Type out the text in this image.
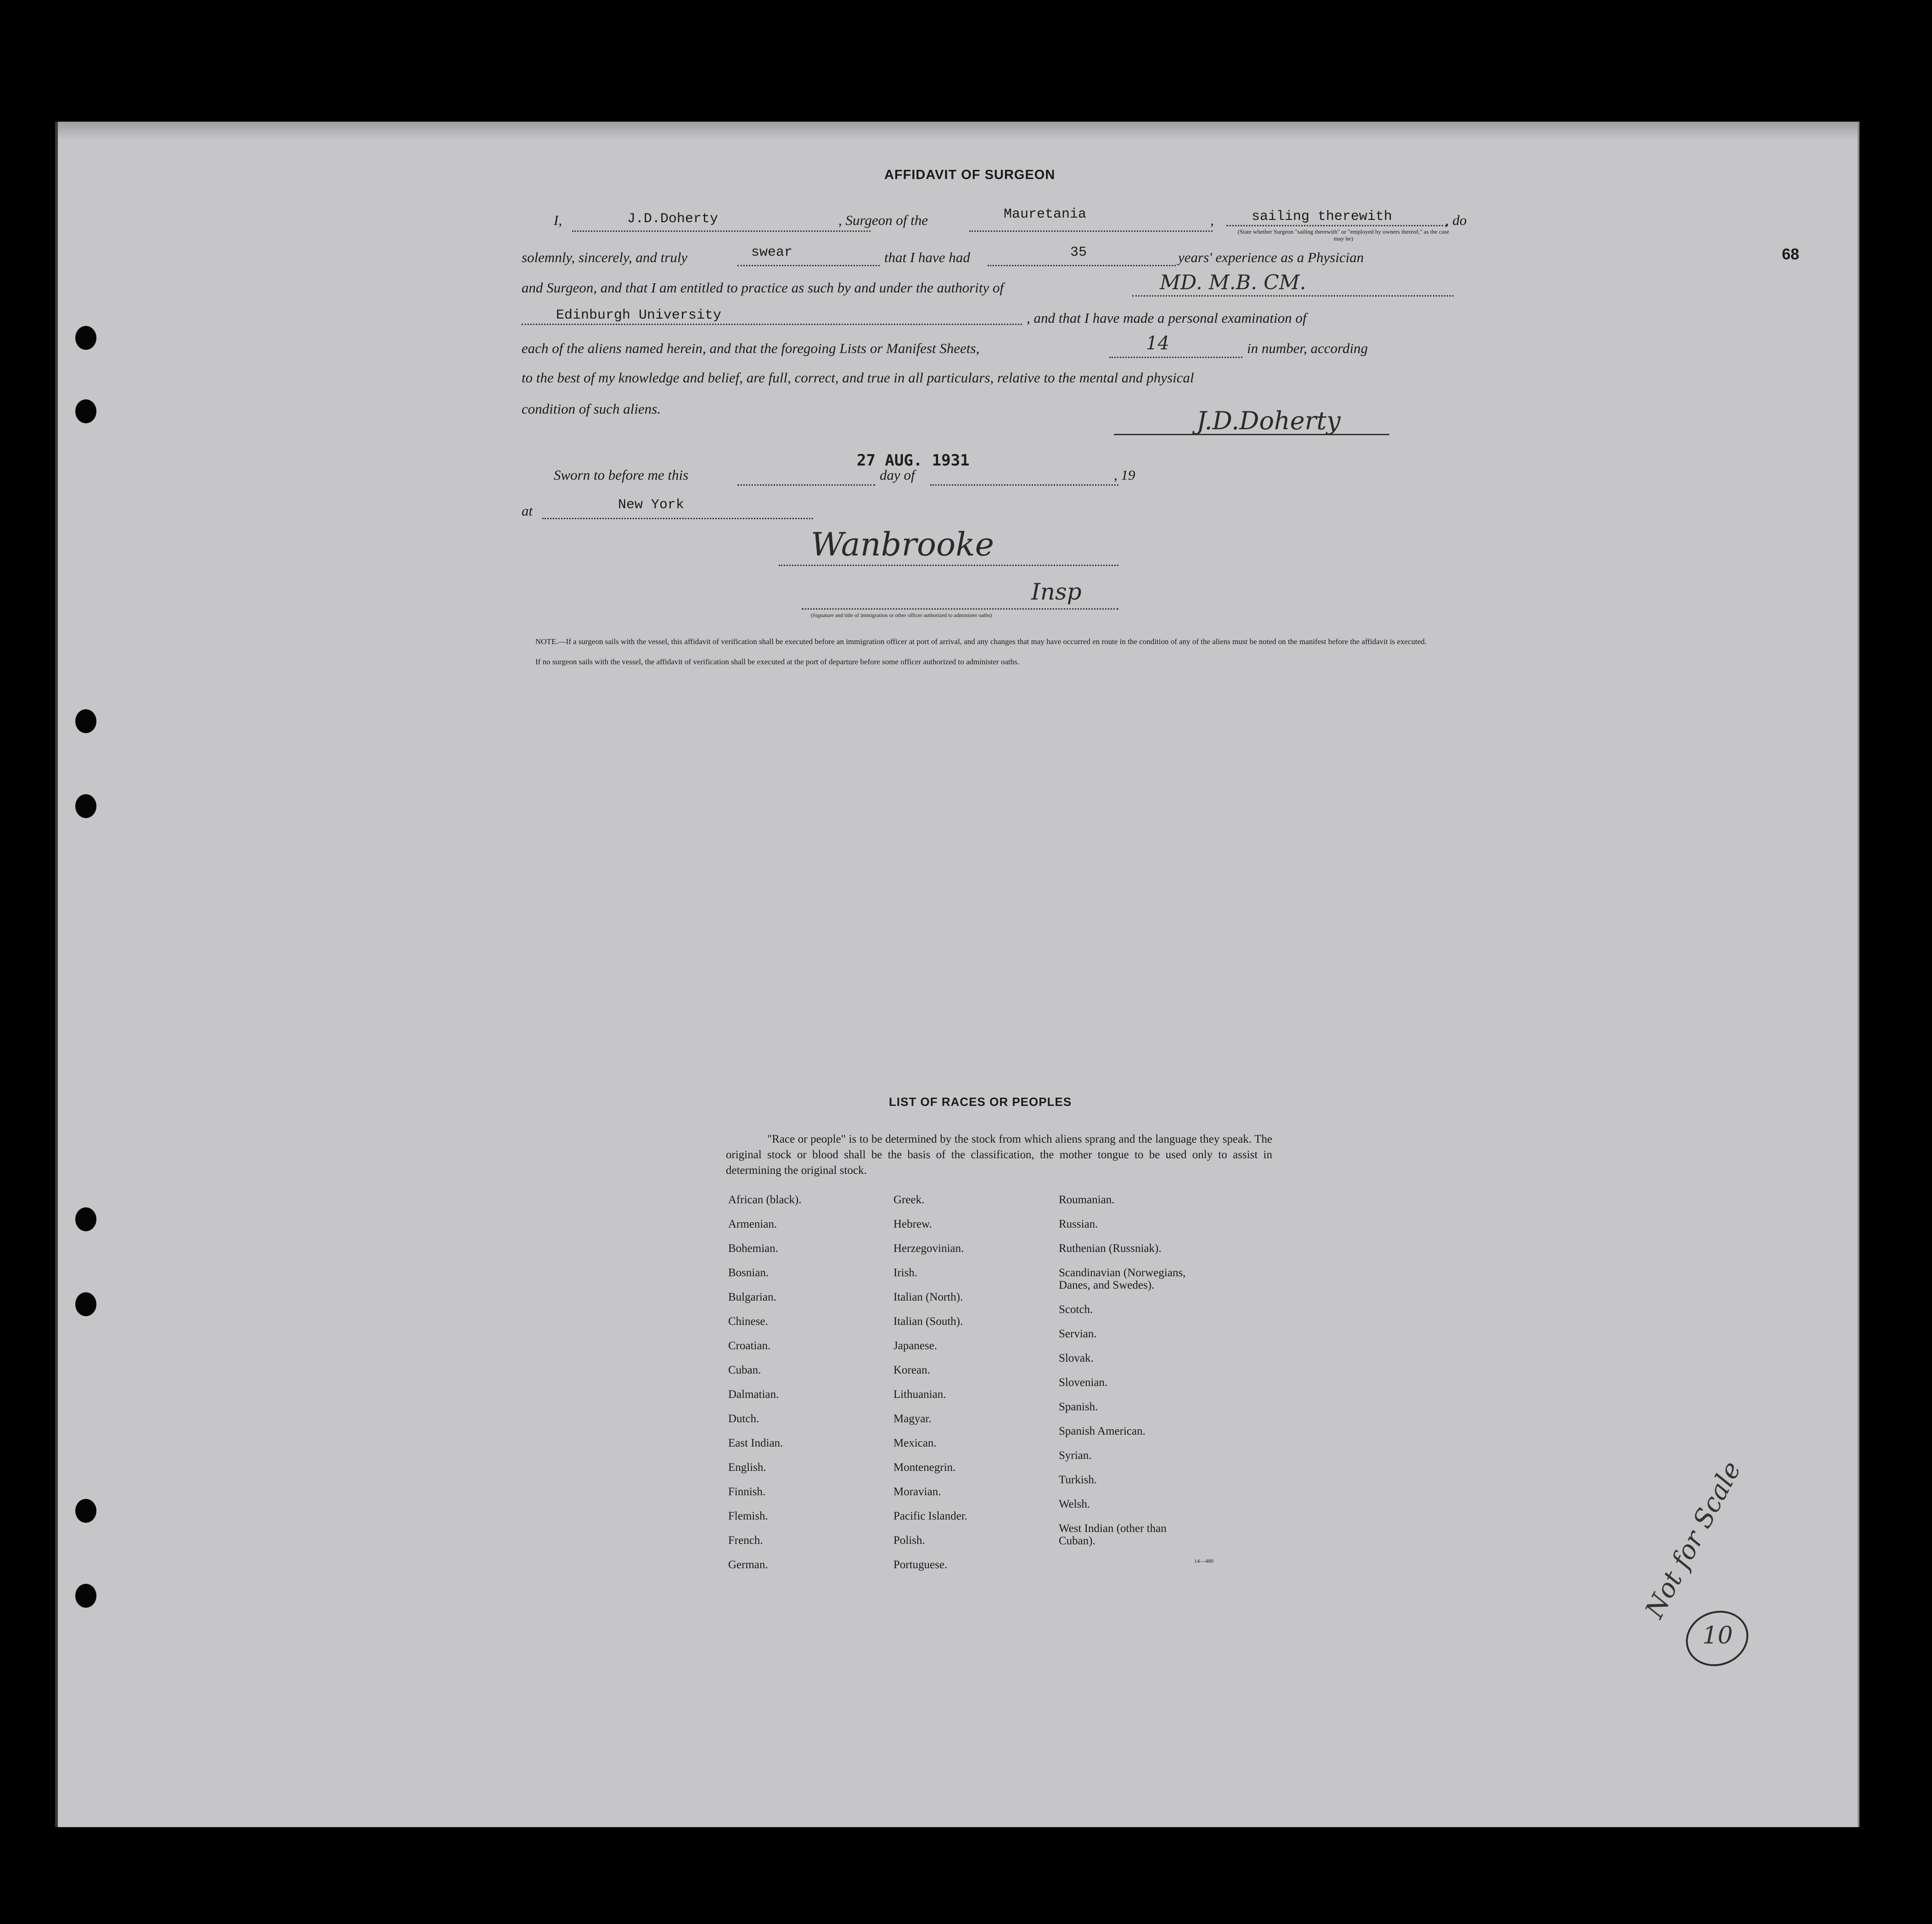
68
AFFIDAVIT OF SURGEON
I,	J.D.Doherty	, Surgeon of the	Mauretania	,	sailing therewith
(State whether Surgeon "sailing therewith" or "employed by owners thereof," as the case may be)
, do
solemnly, sincerely, and truly	swear	that I have had	35	years' experience as a Physician
and Surgeon, and that I am entitled to practice as such by and under the authority of	MD. M.B. CM.
Edinburgh University	, and that I have made a personal examination of
each of the aliens named herein, and that the foregoing Lists or Manifest Sheets,	14	in number, according
to the best of my knowledge and belief, are full, correct, and true in all particulars, relative to the mental and physical
condition of such aliens.	J.D.Doherty
Sworn to before me this
27 AUG. 1931
day of	, 19
at	New York
Wanbrooke
Insp
(Signature and title of immigration or other officer authorized to administer oaths)
NOTE.—If a surgeon sails with the vessel, this affidavit of verification shall be executed before an immigration officer at port of arrival, and any changes that may have occurred en route in the condition of any of the aliens must be noted on the manifest before the affidavit is executed.
If no surgeon sails with the vessel, the affidavit of verification shall be executed at the port of departure before some officer authorized to administer oaths.
LIST OF RACES OR PEOPLES
"Race or people" is to be determined by the stock from which aliens sprang and the language they speak. The original stock or blood shall be the basis of the classification, the mother tongue to be used only to assist in determining the original stock.
African (black).
Armenian.
Bohemian.
Bosnian.
Bulgarian.
Chinese.
Croatian.
Cuban.
Dalmatian.
Dutch.
East Indian.
English.
Finnish.
Flemish.
French.
German.
Greek.
Hebrew.
Herzegovinian.
Irish.
Italian (North).
Italian (South).
Japanese.
Korean.
Lithuanian.
Magyar.
Mexican.
Montenegrin.
Moravian.
Pacific Islander.
Polish.
Portuguese.
Roumanian.
Russian.
Ruthenian (Russniak).
Scandinavian (Norwegians,
Danes, and Swedes).
Scotch.
Servian.
Slovak.
Slovenian.
Spanish.
Spanish American.
Syrian.
Turkish.
Welsh.
West Indian (other than
Cuban).
14—480	Not for Scale
10
